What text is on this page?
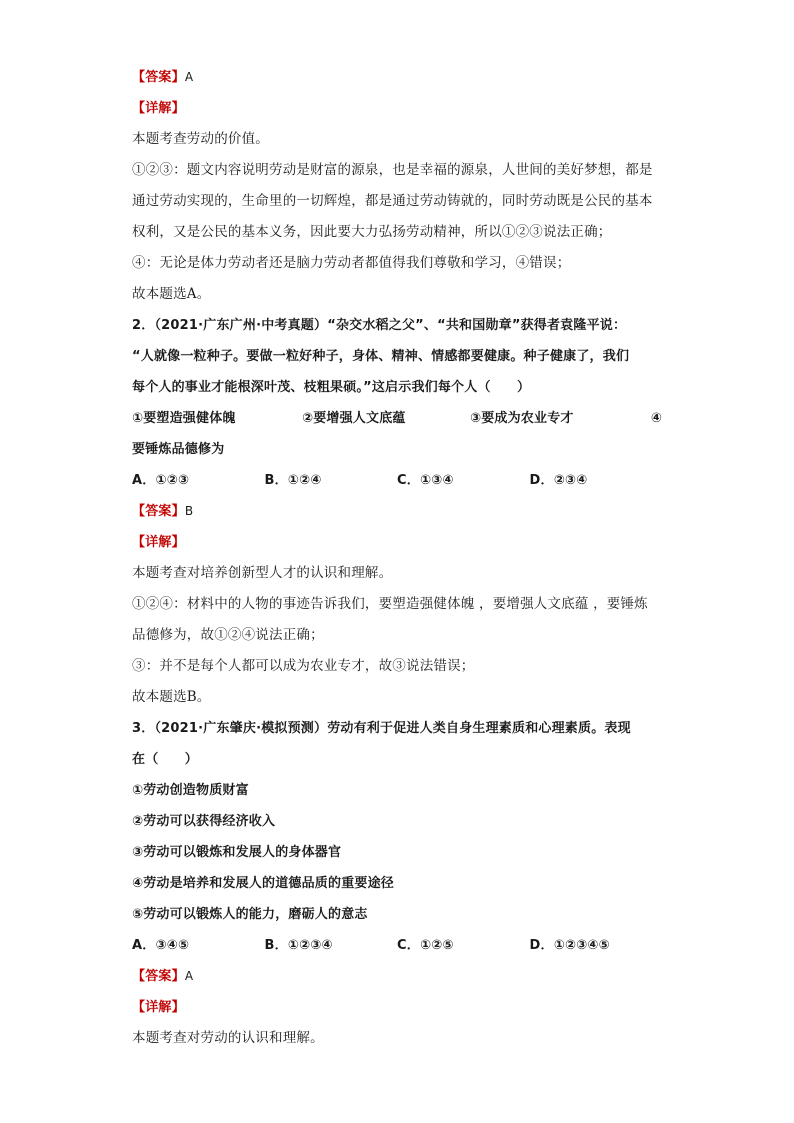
【答案】A
【详解】
本题考查劳动的价值。
①②③：题文内容说明劳动是财富的源泉，也是幸福的源泉，人世间的美好梦想，都是
通过劳动实现的，生命里的一切辉煌，都是通过劳动铸就的，同时劳动既是公民的基本
权利，又是公民的基本义务，因此要大力弘扬劳动精神，所以①②③说法正确；
④：无论是体力劳动者还是脑力劳动者都值得我们尊敬和学习，④错误；
故本题选A。
2．（2021·广东广州·中考真题）“杂交水稻之父”、“共和国勋章”获得者袁隆平说：
“人就像一粒种子。要做一粒好种子，身体、精神、情感都要健康。种子健康了，我们
每个人的事业才能根深叶茂、枝粗果硕。”这启示我们每个人（　　）
①要塑造强健体魄	②要增强人文底蕴	③要成为农业专才	④
要锤炼品德修为
A．①②③	B．①②④	C．①③④	D．②③④
【答案】B
【详解】
本题考查对培养创新型人才的认识和理解。
①②④：材料中的人物的事迹告诉我们，要塑造强健体魄 ，要增强人文底蕴 ，要锤炼
品德修为，故①②④说法正确；
③：并不是每个人都可以成为农业专才，故③说法错误；
故本题选B。
3．（2021·广东肇庆·模拟预测）劳动有利于促进人类自身生理素质和心理素质。表现
在（　　）
①劳动创造物质财富
②劳动可以获得经济收入
③劳动可以锻炼和发展人的身体器官
④劳动是培养和发展人的道德品质的重要途径
⑤劳动可以锻炼人的能力，磨砺人的意志
A．③④⑤	B．①②③④	C．①②⑤	D．①②③④⑤
【答案】A
【详解】
本题考查对劳动的认识和理解。
